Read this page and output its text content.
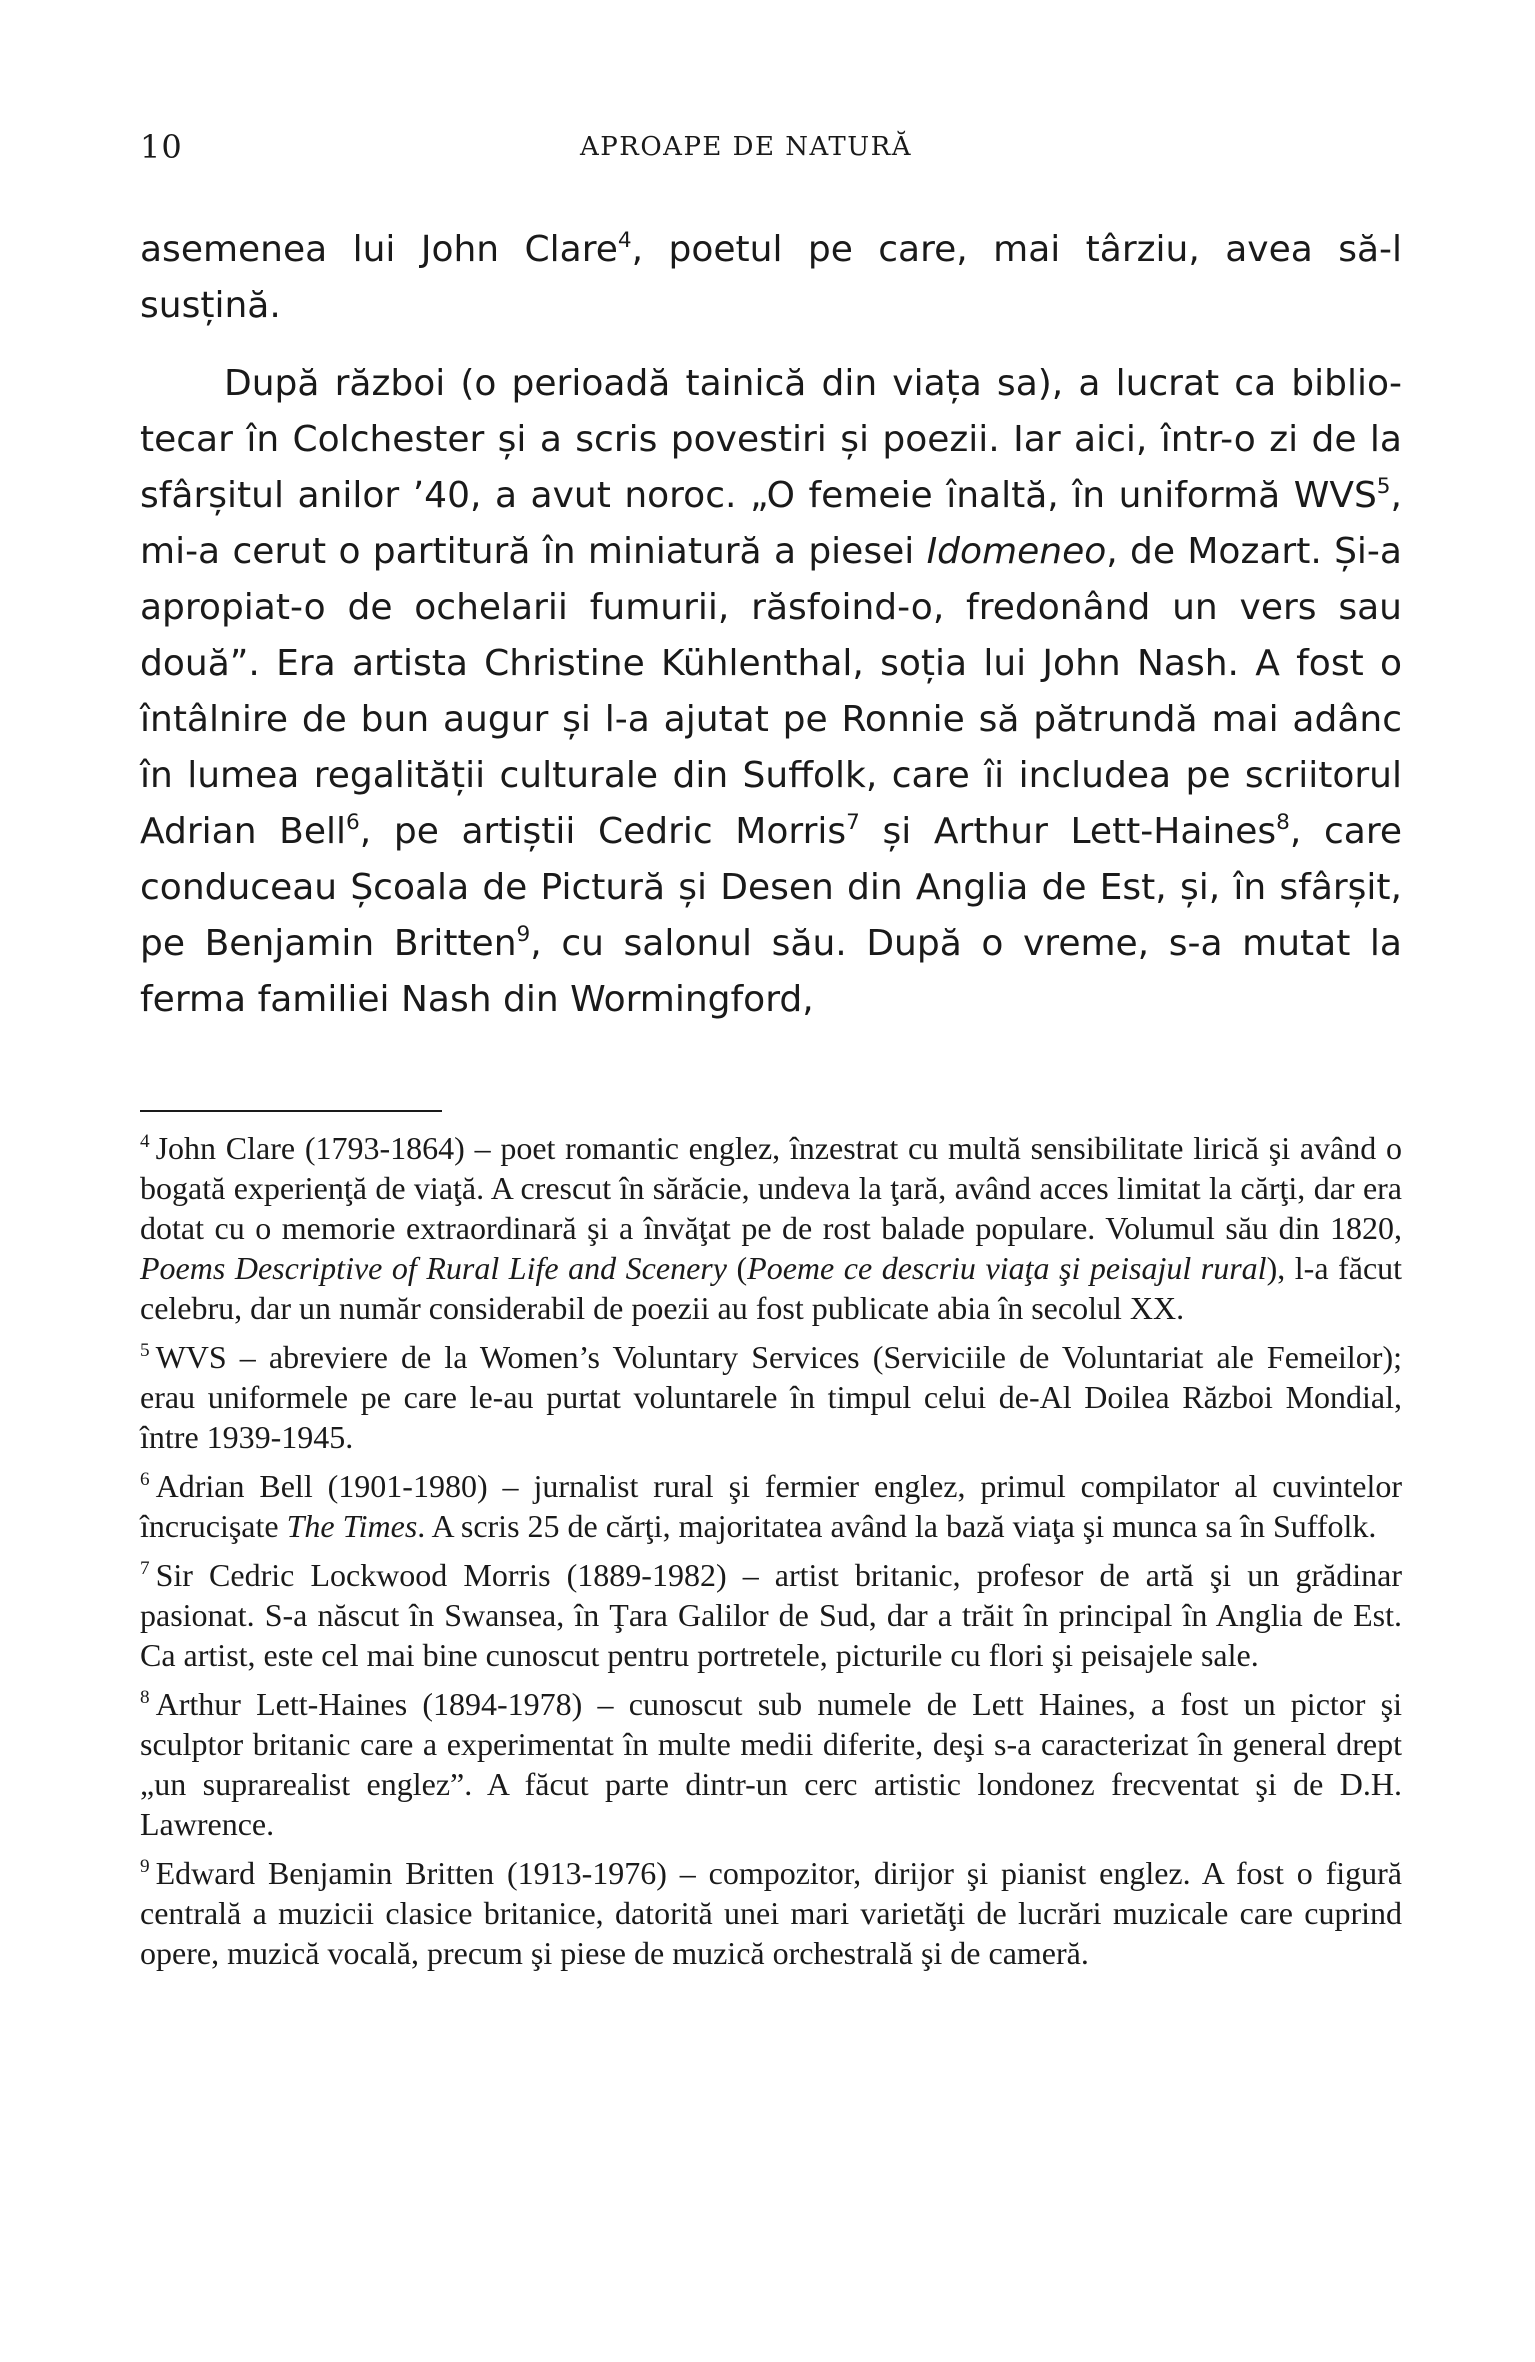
10	APROAPE DE NATURĂ

asemenea lui John Clare$^4$, poetul pe care, mai târziu, avea să-l susțină.

După război (o perioadă tainică din viața sa), a lucrat ca bibliotecar în Colchester și a scris povestiri și poezii. Iar aici, într-o zi de la sfârșitul anilor ’40, a avut noroc. „O femeie înaltă, în uniformă WVS$^5$, mi-a cerut o partitură în miniatură a piesei Idomeneo, de Mozart. Și-a apropiat-o de ochelarii fumurii, răsfoind-o, fredonând un vers sau două”. Era artista Christine Kühlenthal, soția lui John Nash. A fost o întâlnire de bun augur și l-a ajutat pe Ronnie să pătrundă mai adânc în lumea regalității culturale din Suffolk, care îi includea pe scriitorul Adrian Bell$^6$, pe artiștii Cedric Morris$^7$ și Arthur Lett-Haines$^8$, care conduceau Școala de Pictură și Desen din Anglia de Est, și, în sfârșit, pe Benjamin Britten$^9$, cu salonul său. După o vreme, s-a mutat la ferma familiei Nash din Wormingford,

$^4$ John Clare (1793-1864) – poet romantic englez, înzestrat cu multă sensibilitate lirică şi având o bogată experienţă de viaţă. A crescut în sărăcie, undeva la ţară, având acces limitat la cărţi, dar era dotat cu o memorie extraordinară şi a învăţat pe de rost balade populare. Volumul său din 1820, Poems Descriptive of Rural Life and Scenery (Poeme ce descriu viaţa şi peisajul rural), l-a făcut celebru, dar un număr considerabil de poezii au fost publicate abia în secolul XX.

$^5$ WVS – abreviere de la Women’s Voluntary Services (Serviciile de Voluntariat ale Femeilor); erau uniformele pe care le-au purtat voluntarele în timpul celui de-Al Doilea Război Mondial, între 1939-1945.

$^6$ Adrian Bell (1901-1980) – jurnalist rural şi fermier englez, primul compilator al cuvintelor încrucişate The Times. A scris 25 de cărţi, majoritatea având la bază viaţa şi munca sa în Suffolk.

$^7$ Sir Cedric Lockwood Morris (1889-1982) – artist britanic, profesor de artă şi un grădinar pasionat. S-a născut în Swansea, în Ţara Galilor de Sud, dar a trăit în principal în Anglia de Est. Ca artist, este cel mai bine cunoscut pentru portretele, picturile cu flori şi peisajele sale.

$^8$ Arthur Lett-Haines (1894-1978) – cunoscut sub numele de Lett Haines, a fost un pictor şi sculptor britanic care a experimentat în multe medii diferite, deşi s-a caracterizat în general drept „un suprarealist englez”. A făcut parte dintr-un cerc artistic londonez frecventat şi de D.H. Lawrence.

$^9$ Edward Benjamin Britten (1913-1976) – compozitor, dirijor şi pianist englez. A fost o figură centrală a muzicii clasice britanice, datorită unei mari varietăţi de lucrări muzicale care cuprind opere, muzică vocală, precum şi piese de muzică orchestrală şi de cameră.
